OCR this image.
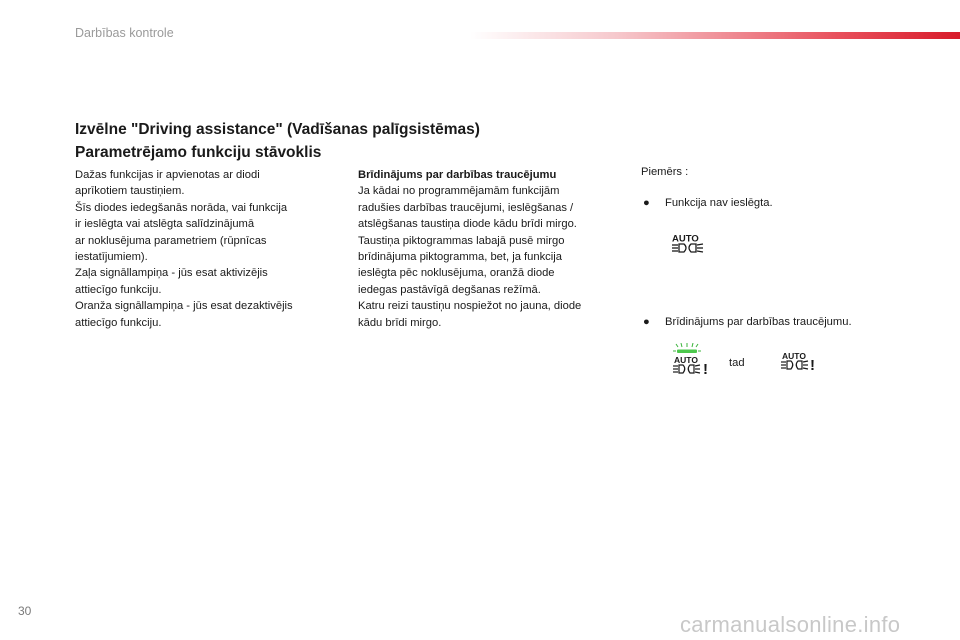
Darbības kontrole
Izvēlne "Driving assistance" (Vadīšanas palīgsistēmas)
Parametrējamo funkciju stāvoklis

Dažas funkcijas ir apvienotas ar diodi

aprīkotiem taustiņiem.

Šīs diodes iedegšanās norāda, vai funkcija

ir ieslēgta vai atslēgta salīdzinājumā

ar noklusējuma parametriem (rūpnīcas

iestatījumiem).

Zaļa signāllampiņa - jūs esat aktivizējis

attiecīgo funkciju.

Oranža signāllampiņa - jūs esat dezaktivējis

attiecīgo funkciju.

Brīdinājums par darbības traucējumu

Ja kādai no programmējamām funkcijām

radušies darbības traucējumi, ieslēgšanas /

atslēgšanas taustiņa diode kādu brīdi mirgo.

Taustiņa piktogrammas labajā pusē mirgo

brīdinājuma piktogramma, bet, ja funkcija

ieslēgta pēc noklusējuma, oranžā diode

iedegas pastāvīgā degšanas režīmā.

Katru reizi taustiņu nospiežot no jauna, diode

kādu brīdi mirgo.

Piemērs :
● Funkcija nav ieslēgta.
AUTO
● Brīdinājums par darbības traucējumu.
AUTO
! tad
AUTO
!
30
carmanualsonline.info
